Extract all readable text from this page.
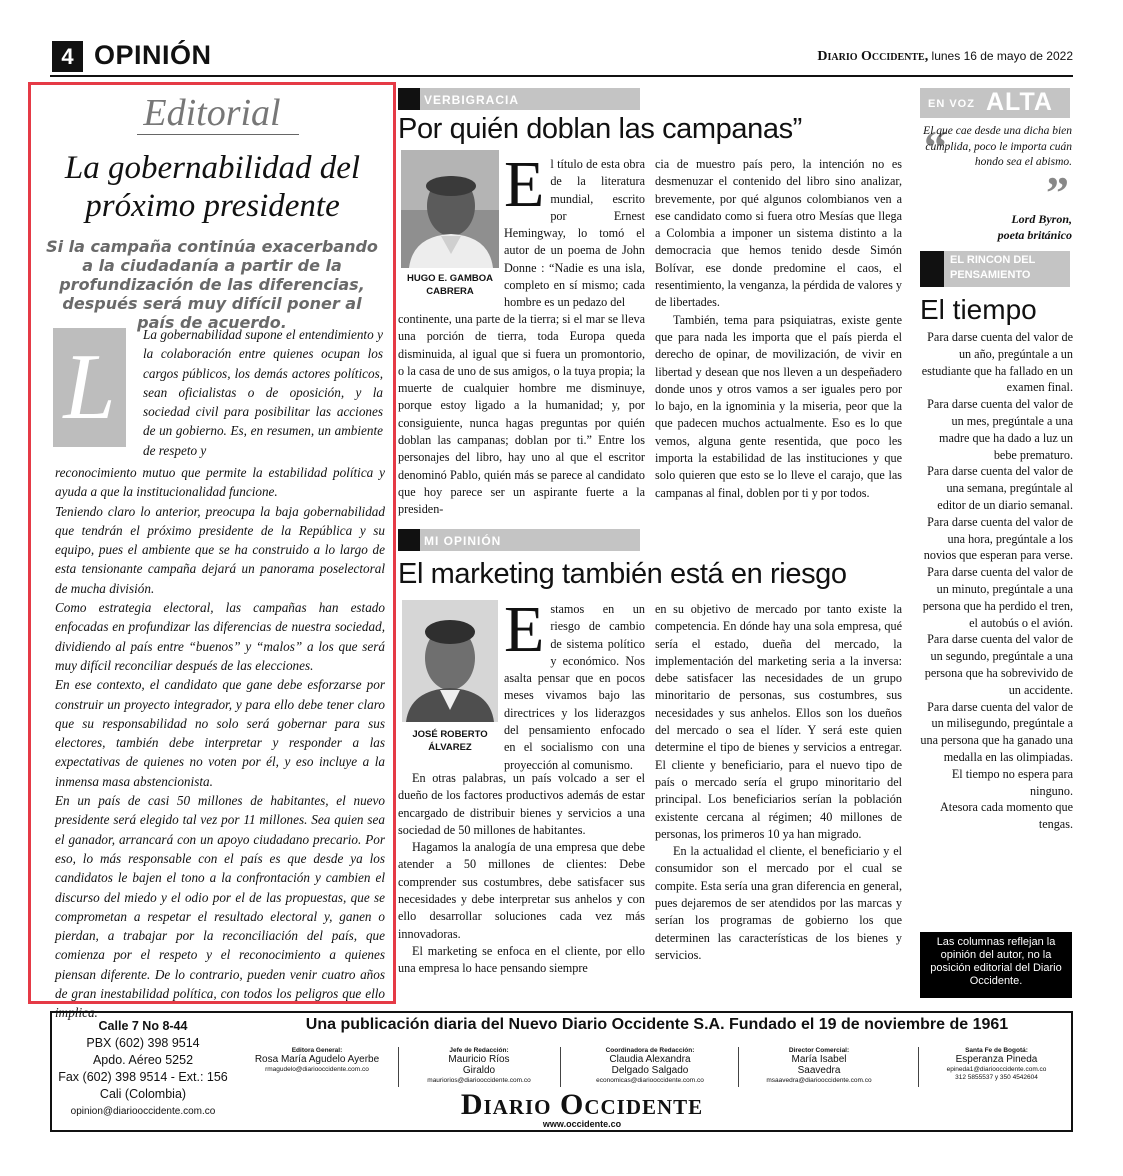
4 OPINIÓN	Diario Occidente, lunes 16 de mayo de 2022
Editorial
La gobernabilidad del próximo presidente
Si la campaña continúa exacerbando a la ciudadanía a partir de la profundización de las diferencias, después será muy difícil poner al país de acuerdo.
L

La gobernabilidad supone el entendimiento y la colaboración entre quienes ocupan los cargos públicos, los demás actores políticos, sean oficialistas o de oposición, y la sociedad civil para posibilitar las acciones de un gobierno. Es, en resumen, un ambiente de respeto y

reconocimiento mutuo que permite la estabilidad política y ayuda a que la institucionalidad funcione.

Teniendo claro lo anterior, preocupa la baja gobernabilidad que tendrán el próximo presidente de la República y su equipo, pues el ambiente que se ha construido a lo largo de esta tensionante campaña dejará un panorama poselectoral de mucha división.

Como estrategia electoral, las campañas han estado enfocadas en profundizar las diferencias de nuestra sociedad, dividiendo al país entre “buenos” y “malos” a los que será muy difícil reconciliar después de las elecciones.

En ese contexto, el candidato que gane debe esforzarse por construir un proyecto integrador, y para ello debe tener claro que su responsabilidad no solo será gobernar para sus electores, también debe interpretar y responder a las expectativas de quienes no voten por él, y eso incluye a la inmensa masa abstencionista.

En un país de casi 50 millones de habitantes, el nuevo presidente será elegido tal vez por 11 millones. Sea quien sea el ganador, arrancará con un apoyo ciudadano precario. Por eso, lo más responsable con el país es que desde ya los candidatos le bajen el tono a la confrontación y cambien el discurso del miedo y el odio por el de las propuestas, que se comprometan a respetar el resultado electoral y, ganen o pierdan, a trabajar por la reconciliación del país, que comienza por el respeto y el reconocimiento a quienes piensan diferente. De lo contrario, pueden venir cuatro años de gran inestabilidad política, con todos los peligros que ello implica.

VERBIGRACIA
Por quién doblan las campanas”
HUGO E. GAMBOA CABRERA

El título de esta obra de la literatura mundial, escrito por Ernest Hemingway, lo tomó el autor de un poema de John Donne : “Nadie es una isla, completo en sí mismo; cada hombre es un pedazo del

continente, una parte de la tierra; si el mar se lleva una porción de tierra, toda Europa queda disminuida, al igual que si fuera un promontorio, o la casa de uno de sus amigos, o la tuya propia; la muerte de cualquier hombre me disminuye, porque estoy ligado a la humanidad; y, por consiguiente, nunca hagas preguntas por quién doblan las campanas; doblan por ti.” Entre los personajes del libro, hay uno al que el escritor denominó Pablo, quién más se parece al candidato que hoy parece ser un aspirante fuerte a la presiden-

cia de muestro país pero, la intención no es desmenuzar el contenido del libro sino analizar, brevemente, por qué algunos colombianos ven a ese candidato como si fuera otro Mesías que llega a Colombia a imponer un sistema distinto a la democracia que hemos tenido desde Simón Bolívar, ese donde predomine el caos, el resentimiento, la venganza, la pérdida de valores y de libertades.

También, tema para psiquiatras, existe gente que para nada les importa que el país pierda el derecho de opinar, de movilización, de vivir en libertad y desean que nos lleven a un despeñadero donde unos y otros vamos a ser iguales pero por lo bajo, en la ignominia y la miseria, peor que la que padecen muchos actualmente. Eso es lo que vemos, alguna gente resentida, que poco les importa la estabilidad de las instituciones y que solo quieren que esto se lo lleve el carajo, que las campanas al final, doblen por ti y por todos.

MI OPINIÓN
El marketing también está en riesgo
JOSÉ ROBERTO ÁLVAREZ

Estamos en un riesgo de cambio de sistema político y económico. Nos asalta pensar que en pocos meses vivamos bajo las directrices y los liderazgos del pensamiento enfocado en el socialismo con una proyección al comunismo.

En otras palabras, un país volcado a ser el dueño de los factores productivos además de estar encargado de distribuir bienes y servicios a una sociedad de 50 millones de habitantes.

Hagamos la analogía de una empresa que debe atender a 50 millones de clientes: Debe comprender sus costumbres, debe satisfacer sus necesidades y debe interpretar sus anhelos y con ello desarrollar soluciones cada vez más innovadoras.

El marketing se enfoca en el cliente, por ello una empresa lo hace pensando siempre

en su objetivo de mercado por tanto existe la competencia. En dónde hay una sola empresa, qué sería el estado, dueña del mercado, la implementación del marketing seria a la inversa: debe satisfacer las necesidades de un grupo minoritario de personas, sus costumbres, sus necesidades y sus anhelos. Ellos son los dueños del mercado o sea el líder. Y será este quien determine el tipo de bienes y servicios a entregar. El cliente y beneficiario, para el nuevo tipo de país o mercado sería el grupo minoritario del principal. Los beneficiarios serían la población existente cercana al régimen; 40 millones de personas, los primeros 10 ya han migrado.

En la actualidad el cliente, el beneficiario y el consumidor son el mercado por el cual se compite. Esta sería una gran diferencia en general, pues dejaremos de ser atendidos por las marcas y serían los programas de gobierno los que determinen las características de los bienes y servicios.

EN VOZ ALTA
“

El que cae desde una dicha bien cumplida, poco le importa cuán hondo sea el abismo.

”
Lord Byron,
poeta británico
EL RINCON DEL PENSAMIENTO
El tiempo

Para darse cuenta del valor de un año, pregúntale a un estudiante que ha fallado en un examen final.

Para darse cuenta del valor de un mes, pregúntale a una madre que ha dado a luz un bebe prematuro.

Para darse cuenta del valor de una semana, pregúntale al editor de un diario semanal.

Para darse cuenta del valor de una hora, pregúntale a los novios que esperan para verse.

Para darse cuenta del valor de un minuto, pregúntale a una persona que ha perdido el tren, el autobús o el avión.

Para darse cuenta del valor de un segundo, pregúntale a una persona que ha sobrevivido de un accidente.

Para darse cuenta del valor de un milisegundo, pregúntale a una persona que ha ganado una medalla en las olimpiadas.

El tiempo no espera para ninguno.

Atesora cada momento que tengas.

Las columnas reflejan la opinión del autor, no la posición editorial del Diario Occidente.
Calle 7 No 8-44
PBX (602) 398 9514
Apdo. Aéreo 5252
Fax (602) 398 9514 - Ext.: 156
Cali (Colombia)
opinion@diariooccidente.com.co
Una publicación diaria del Nuevo Diario Occidente S.A. Fundado el 19 de noviembre de 1961
Editora General:
Rosa María Agudelo Ayerbe
rmagudelo@diariooccidente.com.co
Jefe de Redacción:
Mauricio Ríos Giraldo
mauriorios@diariooccidente.com.co
Coordinadora de Redacción:
Claudia Alexandra Delgado Salgado
economicas@diariooccidente.com.co
Director Comercial:
María Isabel Saavedra
msaavedra@diariooccidente.com.co
Santa Fe de Bogotá:
Esperanza Pineda
epineda1@diariooccidente.com.co
312 5855537 y 350 4542604
Diario Occidente
www.occidente.co
